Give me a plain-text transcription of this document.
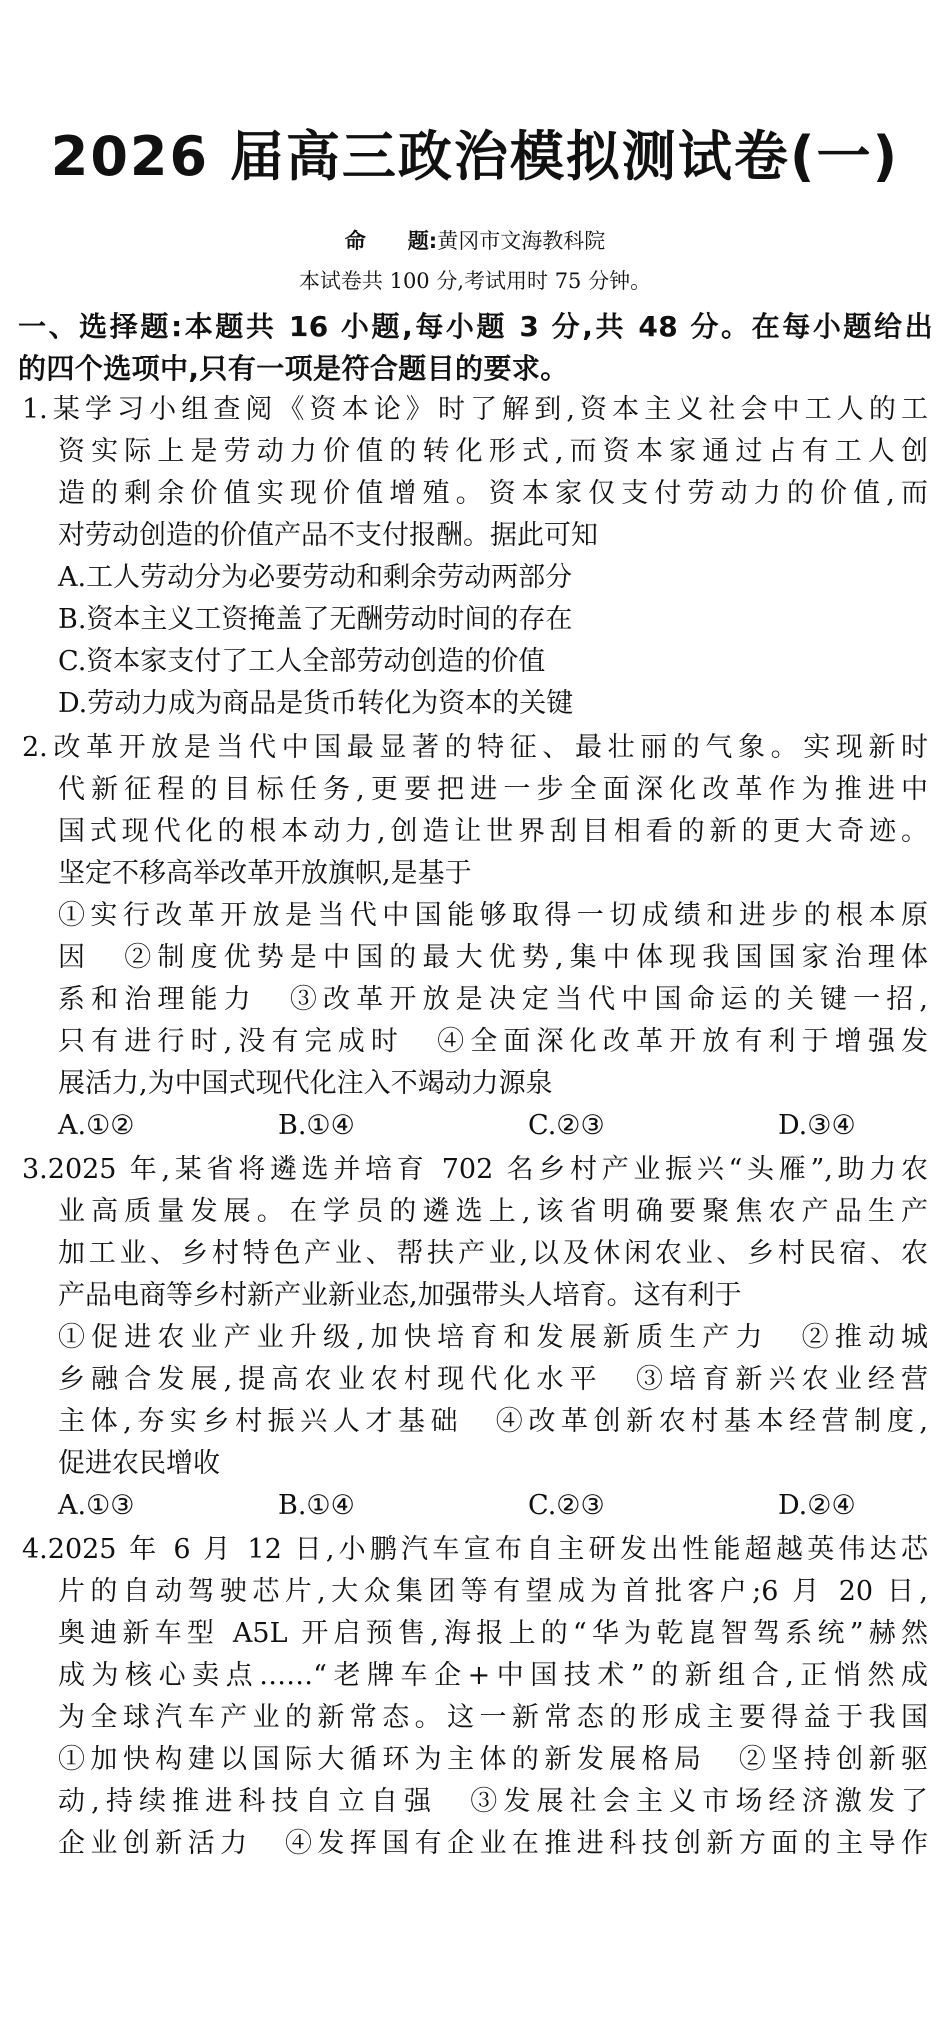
2026 届高三政治模拟测试卷(一)
命　　题:黄冈市文海教科院
本试卷共 100 分,考试用时 75 分钟。
一、选择题:本题共 16 小题,每小题 3 分,共 48 分。在每小题给出
的四个选项中,只有一项是符合题目的要求。
1.某学习小组查阅《资本论》时了解到,资本主义社会中工人的工
资实际上是劳动力价值的转化形式,而资本家通过占有工人创
造的剩余价值实现价值增殖。资本家仅支付劳动力的价值,而
对劳动创造的价值产品不支付报酬。据此可知
A.工人劳动分为必要劳动和剩余劳动两部分
B.资本主义工资掩盖了无酬劳动时间的存在
C.资本家支付了工人全部劳动创造的价值
D.劳动力成为商品是货币转化为资本的关键
2.改革开放是当代中国最显著的特征、最壮丽的气象。实现新时
代新征程的目标任务,更要把进一步全面深化改革作为推进中
国式现代化的根本动力,创造让世界刮目相看的新的更大奇迹。
坚定不移高举改革开放旗帜,是基于
①实行改革开放是当代中国能够取得一切成绩和进步的根本原
因　②制度优势是中国的最大优势,集中体现我国国家治理体
系和治理能力　③改革开放是决定当代中国命运的关键一招,
只有进行时,没有完成时　④全面深化改革开放有利于增强发
展活力,为中国式现代化注入不竭动力源泉
A.①②	B.①④	C.②③	D.③④
3.2025 年,某省将遴选并培育 702 名乡村产业振兴“头雁”,助力农
业高质量发展。在学员的遴选上,该省明确要聚焦农产品生产
加工业、乡村特色产业、帮扶产业,以及休闲农业、乡村民宿、农
产品电商等乡村新产业新业态,加强带头人培育。这有利于
①促进农业产业升级,加快培育和发展新质生产力　②推动城
乡融合发展,提高农业农村现代化水平　③培育新兴农业经营
主体,夯实乡村振兴人才基础　④改革创新农村基本经营制度,
促进农民增收
A.①③	B.①④	C.②③	D.②④
4.2025 年 6 月 12 日,小鹏汽车宣布自主研发出性能超越英伟达芯
片的自动驾驶芯片,大众集团等有望成为首批客户;6 月 20 日,
奥迪新车型 A5L 开启预售,海报上的“华为乾崑智驾系统”赫然
成为核心卖点……“老牌车企+中国技术”的新组合,正悄然成
为全球汽车产业的新常态。这一新常态的形成主要得益于我国
①加快构建以国际大循环为主体的新发展格局　②坚持创新驱
动,持续推进科技自立自强　③发展社会主义市场经济激发了
企业创新活力　④发挥国有企业在推进科技创新方面的主导作
